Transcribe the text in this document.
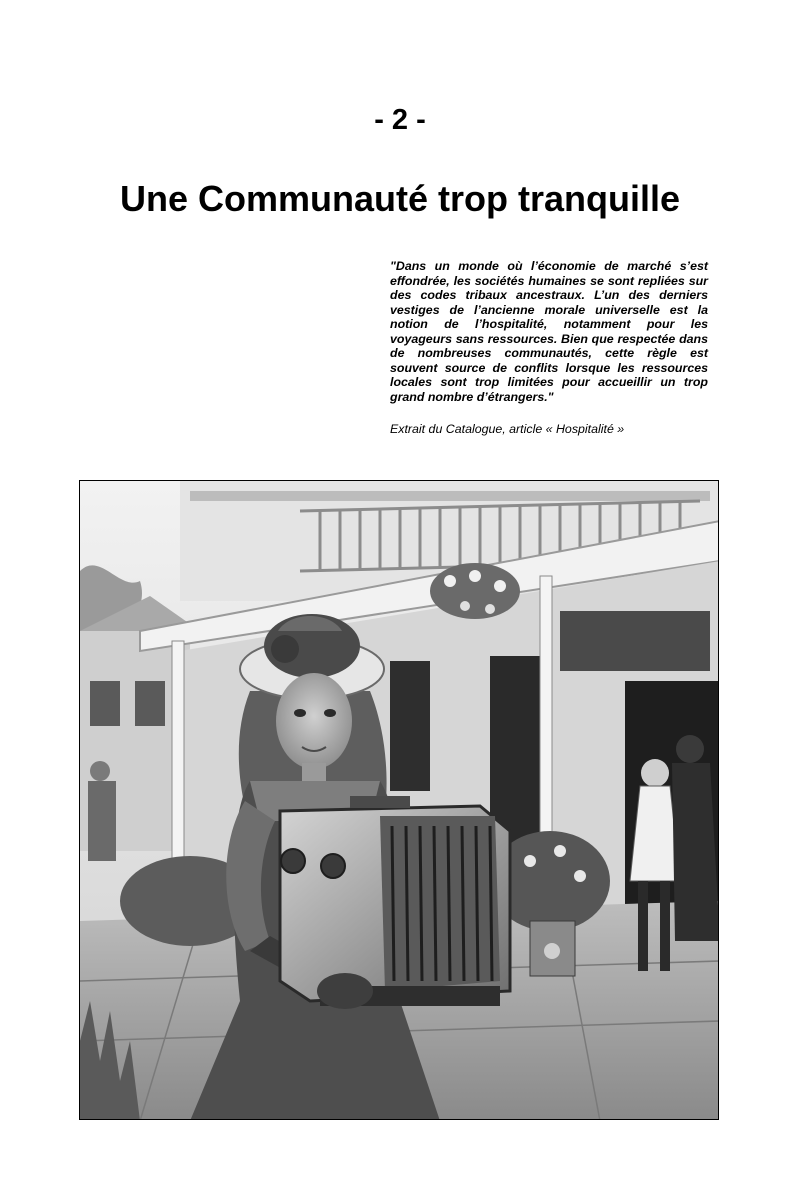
- 2 -
Une Communauté trop tranquille

"Dans un monde où l’économie de marché s’est effondrée, les sociétés humaines se sont repliées sur des codes tribaux ancestraux. L’un des derniers vestiges de l’ancienne morale universelle est la notion de l’hospitalité, notamment pour les voyageurs sans ressources. Bien que respectée dans de nombreuses communautés, cette règle est souvent source de conflits lorsque les ressources locales sont trop limitées pour accueillir un trop grand nombre d’étrangers."

Extrait du Catalogue, article « Hospitalité »
